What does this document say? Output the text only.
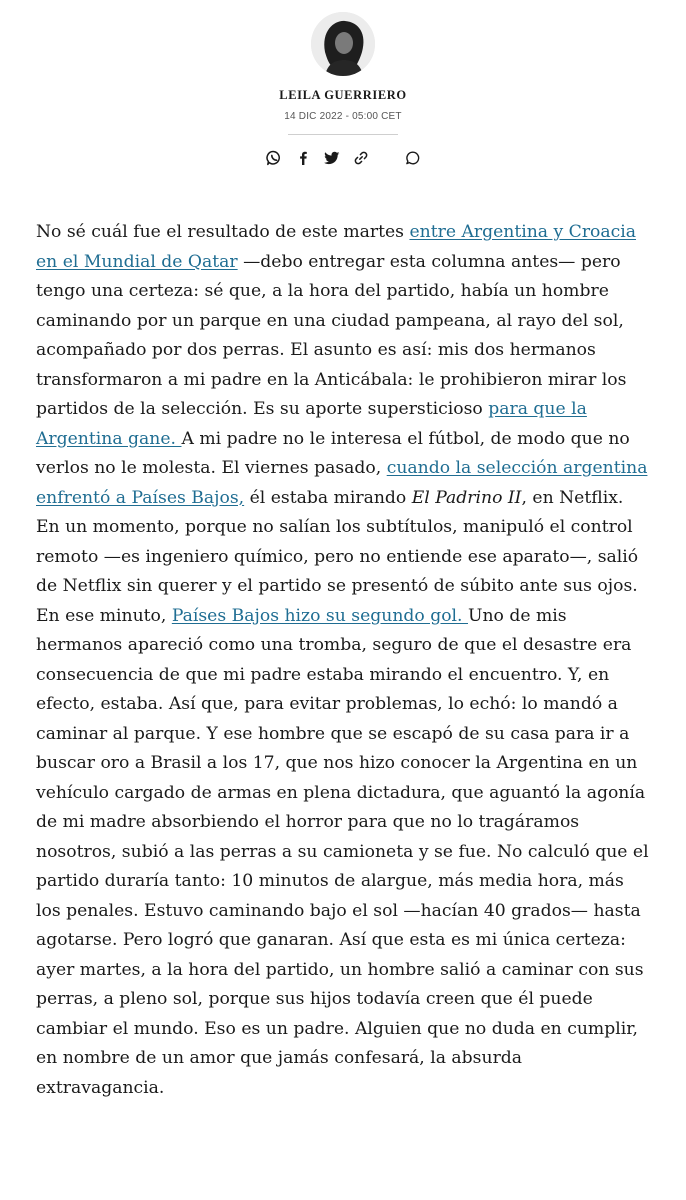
LEILA GUERRIERO
14 DIC 2022 - 05:00 CET

No sé cuál fue el resultado de este martes entre Argentina y Croacia en el Mundial de Qatar —debo entregar esta columna antes— pero tengo una certeza: sé que, a la hora del partido, había un hombre caminando por un parque en una ciudad pampeana, al rayo del sol, acompañado por dos perras. El asunto es así: mis dos hermanos transformaron a mi padre en la Anticábala: le prohibieron mirar los partidos de la selección. Es su aporte supersticioso para que la Argentina gane. A mi padre no le interesa el fútbol, de modo que no verlos no le molesta. El viernes pasado, cuando la selección argentina enfrentó a Países Bajos, él estaba mirando El Padrino II, en Netflix. En un momento, porque no salían los subtítulos, manipuló el control remoto —es ingeniero químico, pero no entiende ese aparato—, salió de Netflix sin querer y el partido se presentó de súbito ante sus ojos. En ese minuto, Países Bajos hizo su segundo gol. Uno de mis hermanos apareció como una tromba, seguro de que el desastre era consecuencia de que mi padre estaba mirando el encuentro. Y, en efecto, estaba. Así que, para evitar problemas, lo echó: lo mandó a caminar al parque. Y ese hombre que se escapó de su casa para ir a buscar oro a Brasil a los 17, que nos hizo conocer la Argentina en un vehículo cargado de armas en plena dictadura, que aguantó la agonía de mi madre absorbiendo el horror para que no lo tragáramos nosotros, subió a las perras a su camioneta y se fue. No calculó que el partido duraría tanto: 10 minutos de alargue, más media hora, más los penales. Estuvo caminando bajo el sol —hacían 40 grados— hasta agotarse. Pero logró que ganaran. Así que esta es mi única certeza: ayer martes, a la hora del partido, un hombre salió a caminar con sus perras, a pleno sol, porque sus hijos todavía creen que él puede cambiar el mundo. Eso es un padre. Alguien que no duda en cumplir, en nombre de un amor que jamás confesará, la absurda extravagancia.
